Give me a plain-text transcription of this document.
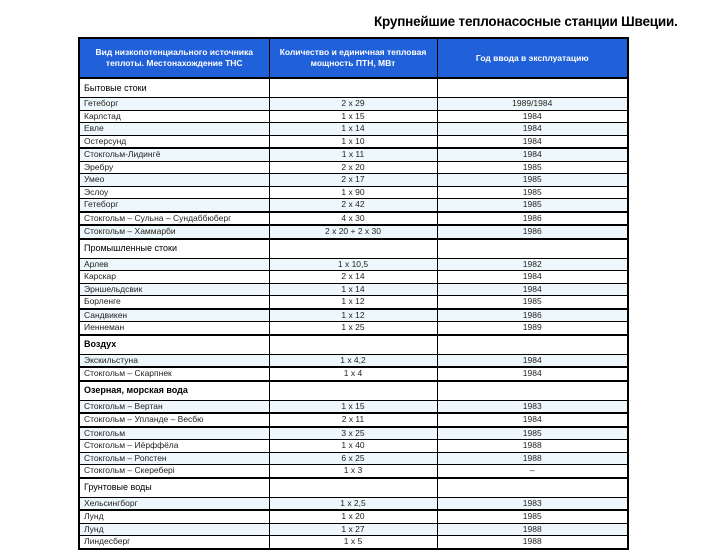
Крупнейшие теплонасосные станции Швеции.
Вид низкопотенциального источника теплоты. Местонахождение ТНС	Количество и единичная тепловая мощность ПТН, МВт	Год ввода в эксплуатацию
Бытовые стоки		
Гетеборг	2 x 29	1989/1984
Карлстад	1 x 15	1984
Евле	1 x 14	1984
Остерсунд	1 x 10	1984
Стокгольм-Лидингё	1 x 11	1984
Эребру	2 x 20	1985
Умео	2 x 17	1985
Эслоу	1 x 90	1985
Гетеборг	2 x 42	1985
Стокгольм – Сульна – Сундаббюберг	4 x 30	1986
Стокгольм – Хаммарби	2 x 20 + 2 x 30	1986
Промышленные стоки		
Арлев	1 x 10,5	1982
Карскар	2 x 14	1984
Эрншельдсвик	1 x 14	1984
Борленге	1 x 12	1985
Сандвикен	1 x 12	1986
Иеннеман	1 x 25	1989
Воздух		
Экскильстуна	1 x 4,2	1984
Стокгольм – Скарпнек	1 x 4	1984
Озерная, морская вода		
Стокгольм – Вертан	1 x 15	1983
Стокгольм – Упланде – Весбю	2 x 11	1984
Стокгольм	3 x 25	1985
Стокгольм – Иёрффёла	1 x 40	1988
Стокгольм – Ропстен	6 x 25	1988
Стокгольм – Скеребері	1 x 3	–
Грунтовые воды		
Хельсингборг	1 x 2,5	1983
Лунд	1 x 20	1985
Лунд	1 x 27	1988
Линдесберг	1 x 5	1988
